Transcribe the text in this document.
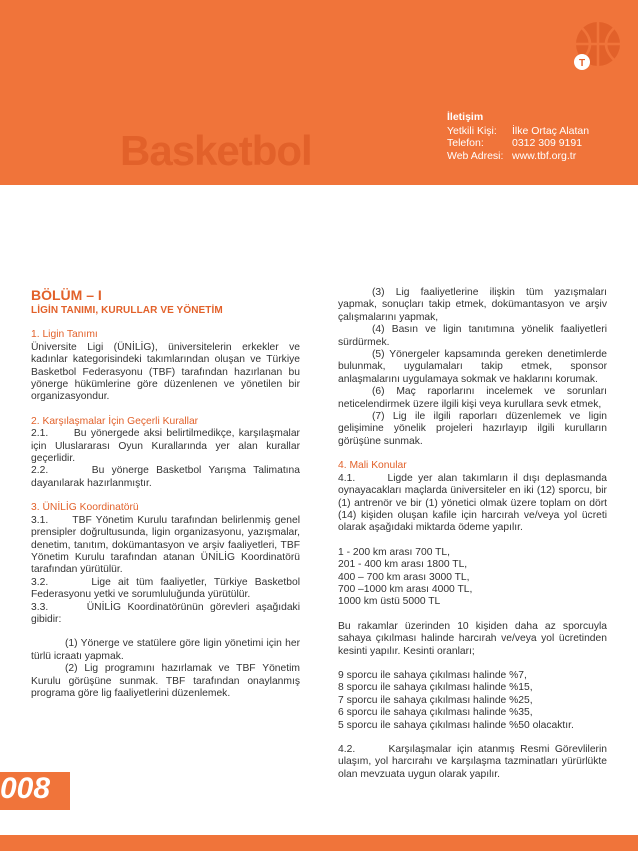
T
Basketbol
İletişim
Yetkili Kişi:	İlke Ortaç Alatan
Telefon:	0312 309 9191
Web Adresi: www.tbf.org.tr
BÖLÜM – I
LİGİN TANIMI, KURULLAR VE YÖNETİM
1. Ligin Tanımı
Üniversite Ligi (ÜNİLİG), üniversitelerin erkekler ve kadınlar kategorisindeki takımlarından oluşan ve Türkiye Basketbol Federasyonu (TBF) tarafından hazırlanan bu yönerge hükümlerine göre düzenlenen ve yönetilen bir organizasyondur.
2. Karşılaşmalar İçin Geçerli Kurallar
2.1.      Bu yönergede aksi belirtilmedikçe, karşılaşmalar için Uluslararası Oyun Kurallarında yer alan kurallar geçerlidir.
2.2.      Bu yönerge Basketbol Yarışma Talimatına dayanılarak hazırlanmıştır.
3. ÜNİLİG Koordinatörü
3.1.      TBF Yönetim Kurulu tarafından belirlenmiş genel prensipler doğrultusunda, ligin organizasyonu, yazışmalar, denetim, tanıtım, dokümantasyon ve arşiv faaliyetleri, TBF Yönetim Kurulu tarafından atanan ÜNİLİG Koordinatörü tarafından yürütülür.
3.2.      Lige ait tüm faaliyetler, Türkiye Basketbol Federasyonu yetki ve sorumluluğunda yürütülür.
3.3.      ÜNİLİG Koordinatörünün görevleri aşağıdaki gibidir:
(1) Yönerge ve statülere göre ligin yönetimi için her türlü icraatı yapmak.
(2) Lig programını hazırlamak ve TBF Yönetim Kurulu görüşüne sunmak. TBF tarafından onaylanmış programa göre lig faaliyetlerini düzenlemek.
(3) Lig faaliyetlerine ilişkin tüm yazışmaları yapmak, sonuçları takip etmek, dokümantasyon ve arşiv çalışmalarını yapmak,
(4) Basın ve ligin tanıtımına yönelik faaliyetleri sürdürmek.
(5) Yönergeler kapsamında gereken denetimlerde bulunmak, uygulamaları takip etmek, sponsor anlaşmalarını uygulamaya sokmak ve haklarını korumak.
(6) Maç raporlarını incelemek ve sorunları neticelendirmek üzere ilgili kişi veya kurullara sevk etmek,
(7) Lig ile ilgili raporları düzenlemek ve ligin gelişimine yönelik projeleri hazırlayıp ilgili kurulların görüşüne sunmak.
4. Mali Konular
4.1.      Ligde yer alan takımların il dışı deplasmanda oynayacakları maçlarda üniversiteler en iki (12) sporcu, bir (1) antrenör ve bir (1) yönetici olmak üzere toplam on dört (14) kişiden oluşan kafile için harcırah ve/veya yol ücreti olarak aşağıdaki miktarda ödeme yapılır.
1 - 200 km arası 700 TL,
201 - 400 km arası 1800 TL,
400 – 700 km arası 3000 TL,
700 –1000 km arası 4000 TL,
1000 km üstü 5000 TL
Bu rakamlar üzerinden 10 kişiden daha az sporcuyla sahaya çıkılması halinde harcırah ve/veya yol ücretinden kesinti yapılır. Kesinti oranları;
9 sporcu ile sahaya çıkılması halinde %7,
8 sporcu ile sahaya çıkılması halinde %15,
7 sporcu ile sahaya çıkılması halinde %25,
6 sporcu ile sahaya çıkılması halinde %35,
5 sporcu ile sahaya çıkılması halinde %50 olacaktır.
4.2.      Karşılaşmalar için atanmış Resmi Görevlilerin ulaşım, yol harcırahı ve karşılaşma tazminatları yürürlükte olan mevzuata uygun olarak yapılır.
008
